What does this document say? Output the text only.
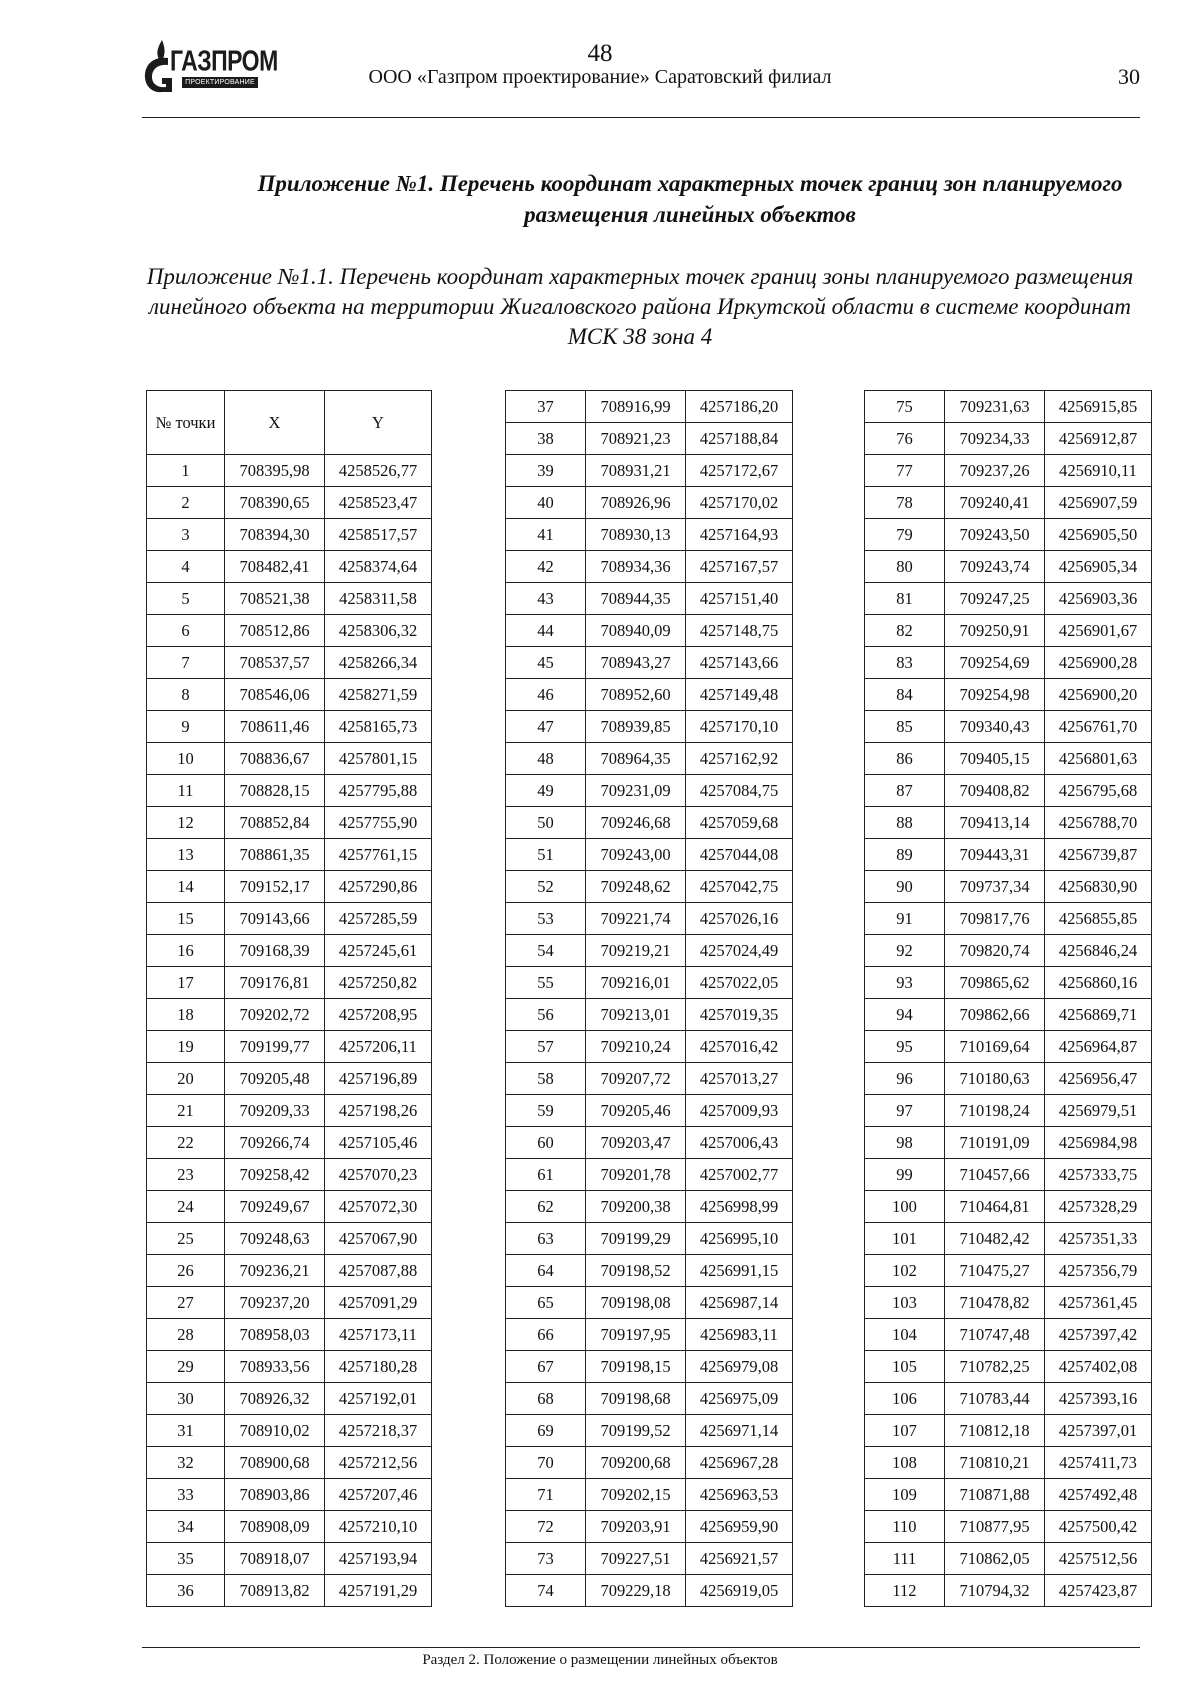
ГАЗПРОМ
ПРОЕКТИРОВАНИЕ
48
ООО «Газпром проектирование» Саратовский филиал	30
Приложение №1. Перечень координат характерных точек границ зон планируемого размещения линейных объектов
Приложение №1.1. Перечень координат характерных точек границ зоны планируемого размещения линейного объекта на территории Жигаловского района Иркутской области в системе координат МСК 38 зона 4
№ точки	X	Y
1	708395,98	4258526,77
2	708390,65	4258523,47
3	708394,30	4258517,57
4	708482,41	4258374,64
5	708521,38	4258311,58
6	708512,86	4258306,32
7	708537,57	4258266,34
8	708546,06	4258271,59
9	708611,46	4258165,73
10	708836,67	4257801,15
11	708828,15	4257795,88
12	708852,84	4257755,90
13	708861,35	4257761,15
14	709152,17	4257290,86
15	709143,66	4257285,59
16	709168,39	4257245,61
17	709176,81	4257250,82
18	709202,72	4257208,95
19	709199,77	4257206,11
20	709205,48	4257196,89
21	709209,33	4257198,26
22	709266,74	4257105,46
23	709258,42	4257070,23
24	709249,67	4257072,30
25	709248,63	4257067,90
26	709236,21	4257087,88
27	709237,20	4257091,29
28	708958,03	4257173,11
29	708933,56	4257180,28
30	708926,32	4257192,01
31	708910,02	4257218,37
32	708900,68	4257212,56
33	708903,86	4257207,46
34	708908,09	4257210,10
35	708918,07	4257193,94
36	708913,82	4257191,29
37	708916,99	4257186,20
38	708921,23	4257188,84
39	708931,21	4257172,67
40	708926,96	4257170,02
41	708930,13	4257164,93
42	708934,36	4257167,57
43	708944,35	4257151,40
44	708940,09	4257148,75
45	708943,27	4257143,66
46	708952,60	4257149,48
47	708939,85	4257170,10
48	708964,35	4257162,92
49	709231,09	4257084,75
50	709246,68	4257059,68
51	709243,00	4257044,08
52	709248,62	4257042,75
53	709221,74	4257026,16
54	709219,21	4257024,49
55	709216,01	4257022,05
56	709213,01	4257019,35
57	709210,24	4257016,42
58	709207,72	4257013,27
59	709205,46	4257009,93
60	709203,47	4257006,43
61	709201,78	4257002,77
62	709200,38	4256998,99
63	709199,29	4256995,10
64	709198,52	4256991,15
65	709198,08	4256987,14
66	709197,95	4256983,11
67	709198,15	4256979,08
68	709198,68	4256975,09
69	709199,52	4256971,14
70	709200,68	4256967,28
71	709202,15	4256963,53
72	709203,91	4256959,90
73	709227,51	4256921,57
74	709229,18	4256919,05
75	709231,63	4256915,85
76	709234,33	4256912,87
77	709237,26	4256910,11
78	709240,41	4256907,59
79	709243,50	4256905,50
80	709243,74	4256905,34
81	709247,25	4256903,36
82	709250,91	4256901,67
83	709254,69	4256900,28
84	709254,98	4256900,20
85	709340,43	4256761,70
86	709405,15	4256801,63
87	709408,82	4256795,68
88	709413,14	4256788,70
89	709443,31	4256739,87
90	709737,34	4256830,90
91	709817,76	4256855,85
92	709820,74	4256846,24
93	709865,62	4256860,16
94	709862,66	4256869,71
95	710169,64	4256964,87
96	710180,63	4256956,47
97	710198,24	4256979,51
98	710191,09	4256984,98
99	710457,66	4257333,75
100	710464,81	4257328,29
101	710482,42	4257351,33
102	710475,27	4257356,79
103	710478,82	4257361,45
104	710747,48	4257397,42
105	710782,25	4257402,08
106	710783,44	4257393,16
107	710812,18	4257397,01
108	710810,21	4257411,73
109	710871,88	4257492,48
110	710877,95	4257500,42
111	710862,05	4257512,56
112	710794,32	4257423,87
Раздел 2. Положение о размещении линейных объектов
